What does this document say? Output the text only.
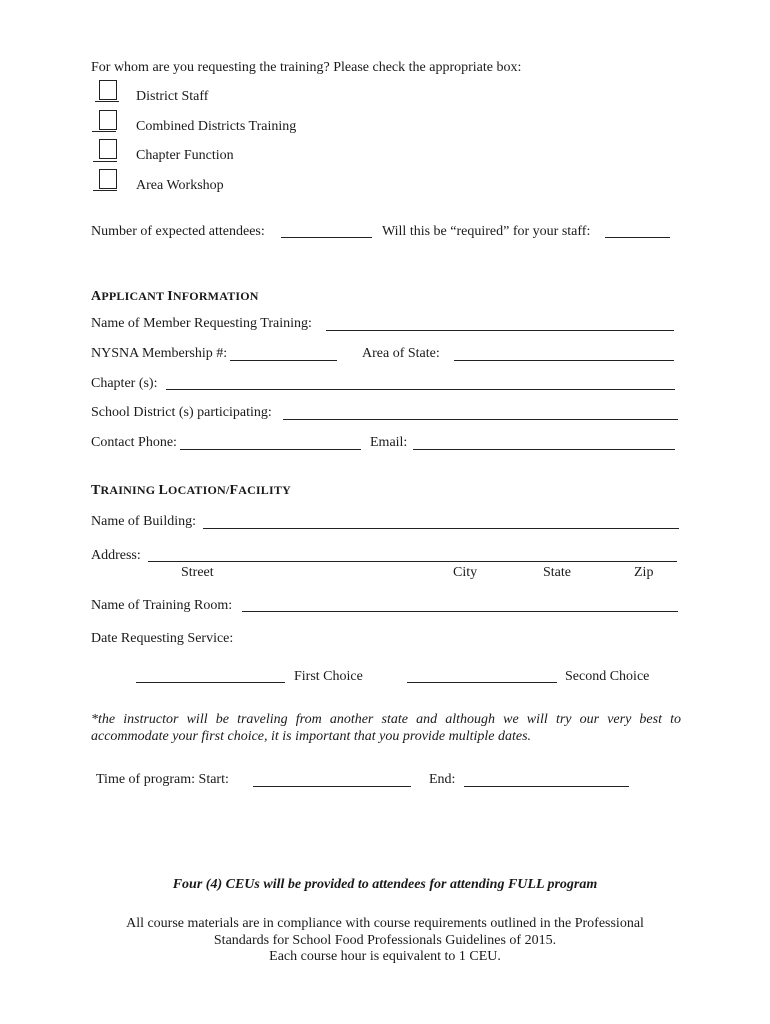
For whom are you requesting the training? Please check the appropriate box:
District Staff
Combined Districts Training
Chapter Function
Area Workshop
Number of expected attendees:	Will this be “required” for your staff:
APPLICANT INFORMATION
Name of Member Requesting Training:
NYSNA Membership #:	Area of State:
Chapter (s):
School District (s) participating:
Contact Phone:	Email:
TRAINING LOCATION/FACILITY
Name of Building:
Address:
Street	City	State	Zip
Name of Training Room:
Date Requesting Service:
First Choice	Second Choice
*the instructor will be traveling from another state and although we will try our very best to accommodate your first choice, it is important that you provide multiple dates.
Time of program: Start:	End:
Four (4) CEUs will be provided to attendees for attending FULL program
All course materials are in compliance with course requirements outlined in the Professional
Standards for School Food Professionals Guidelines of 2015.
Each course hour is equivalent to 1 CEU.
